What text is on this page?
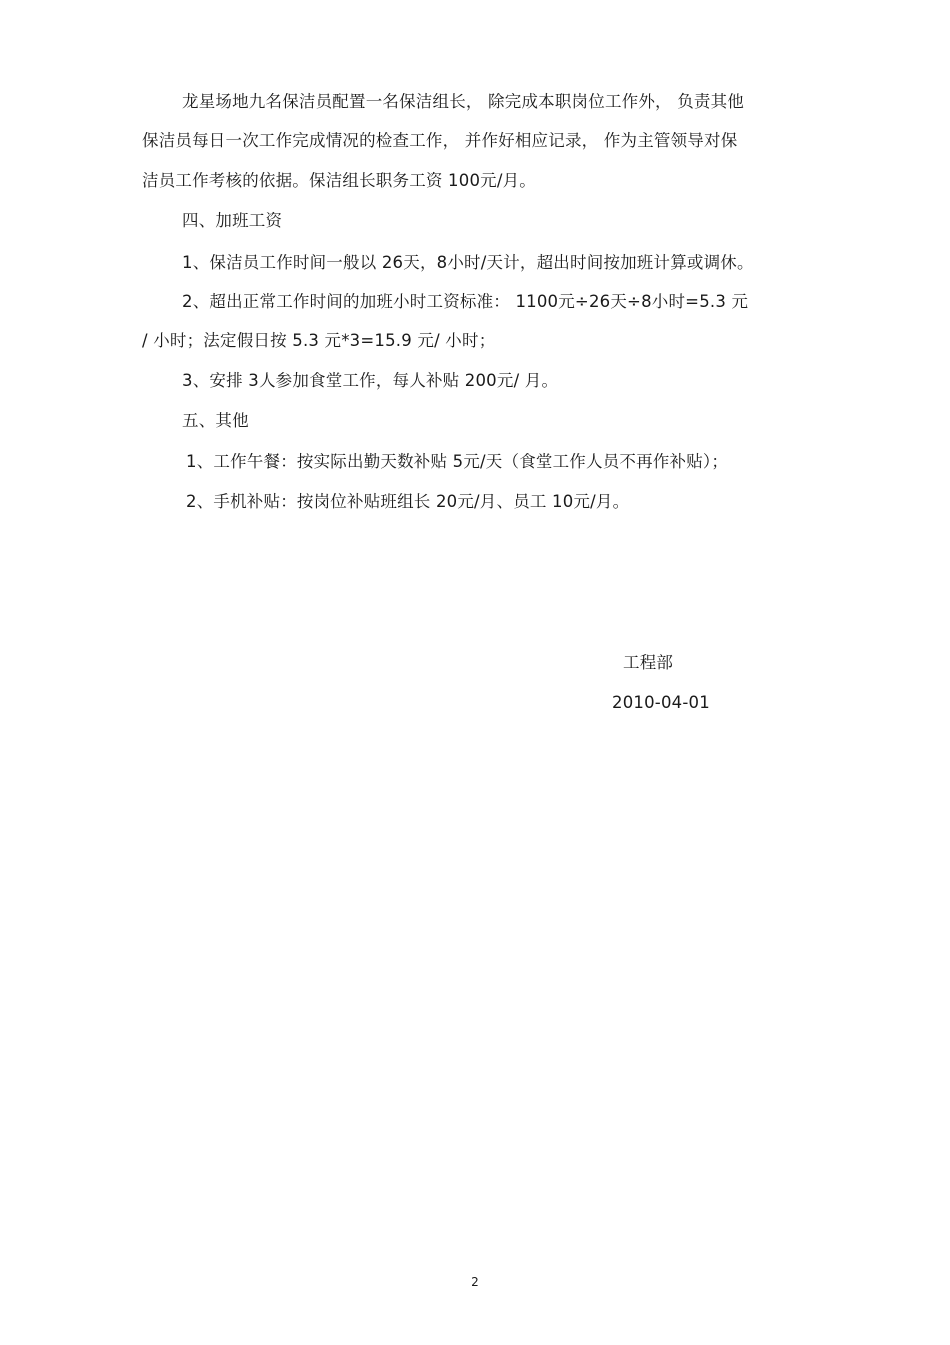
龙星场地九名保洁员配置一名保洁组长， 除完成本职岗位工作外， 负责其他
保洁员每日一次工作完成情况的检查工作， 并作好相应记录， 作为主管领导对保
洁员工作考核的依据。保洁组长职务工资 100元/月。
四、加班工资
1、保洁员工作时间一般以 26天，8小时/天计，超出时间按加班计算或调休。
2、超出正常工作时间的加班小时工资标准： 1100元÷26天÷8小时=5.3 元
/ 小时；法定假日按 5.3 元*3=15.9 元/ 小时；
3、安排 3人参加食堂工作，每人补贴 200元/ 月。
五、其他
1、工作午餐：按实际出勤天数补贴 5元/天（食堂工作人员不再作补贴）；
2、手机补贴：按岗位补贴班组长 20元/月、员工 10元/月。
工程部
2010-04-01
2
